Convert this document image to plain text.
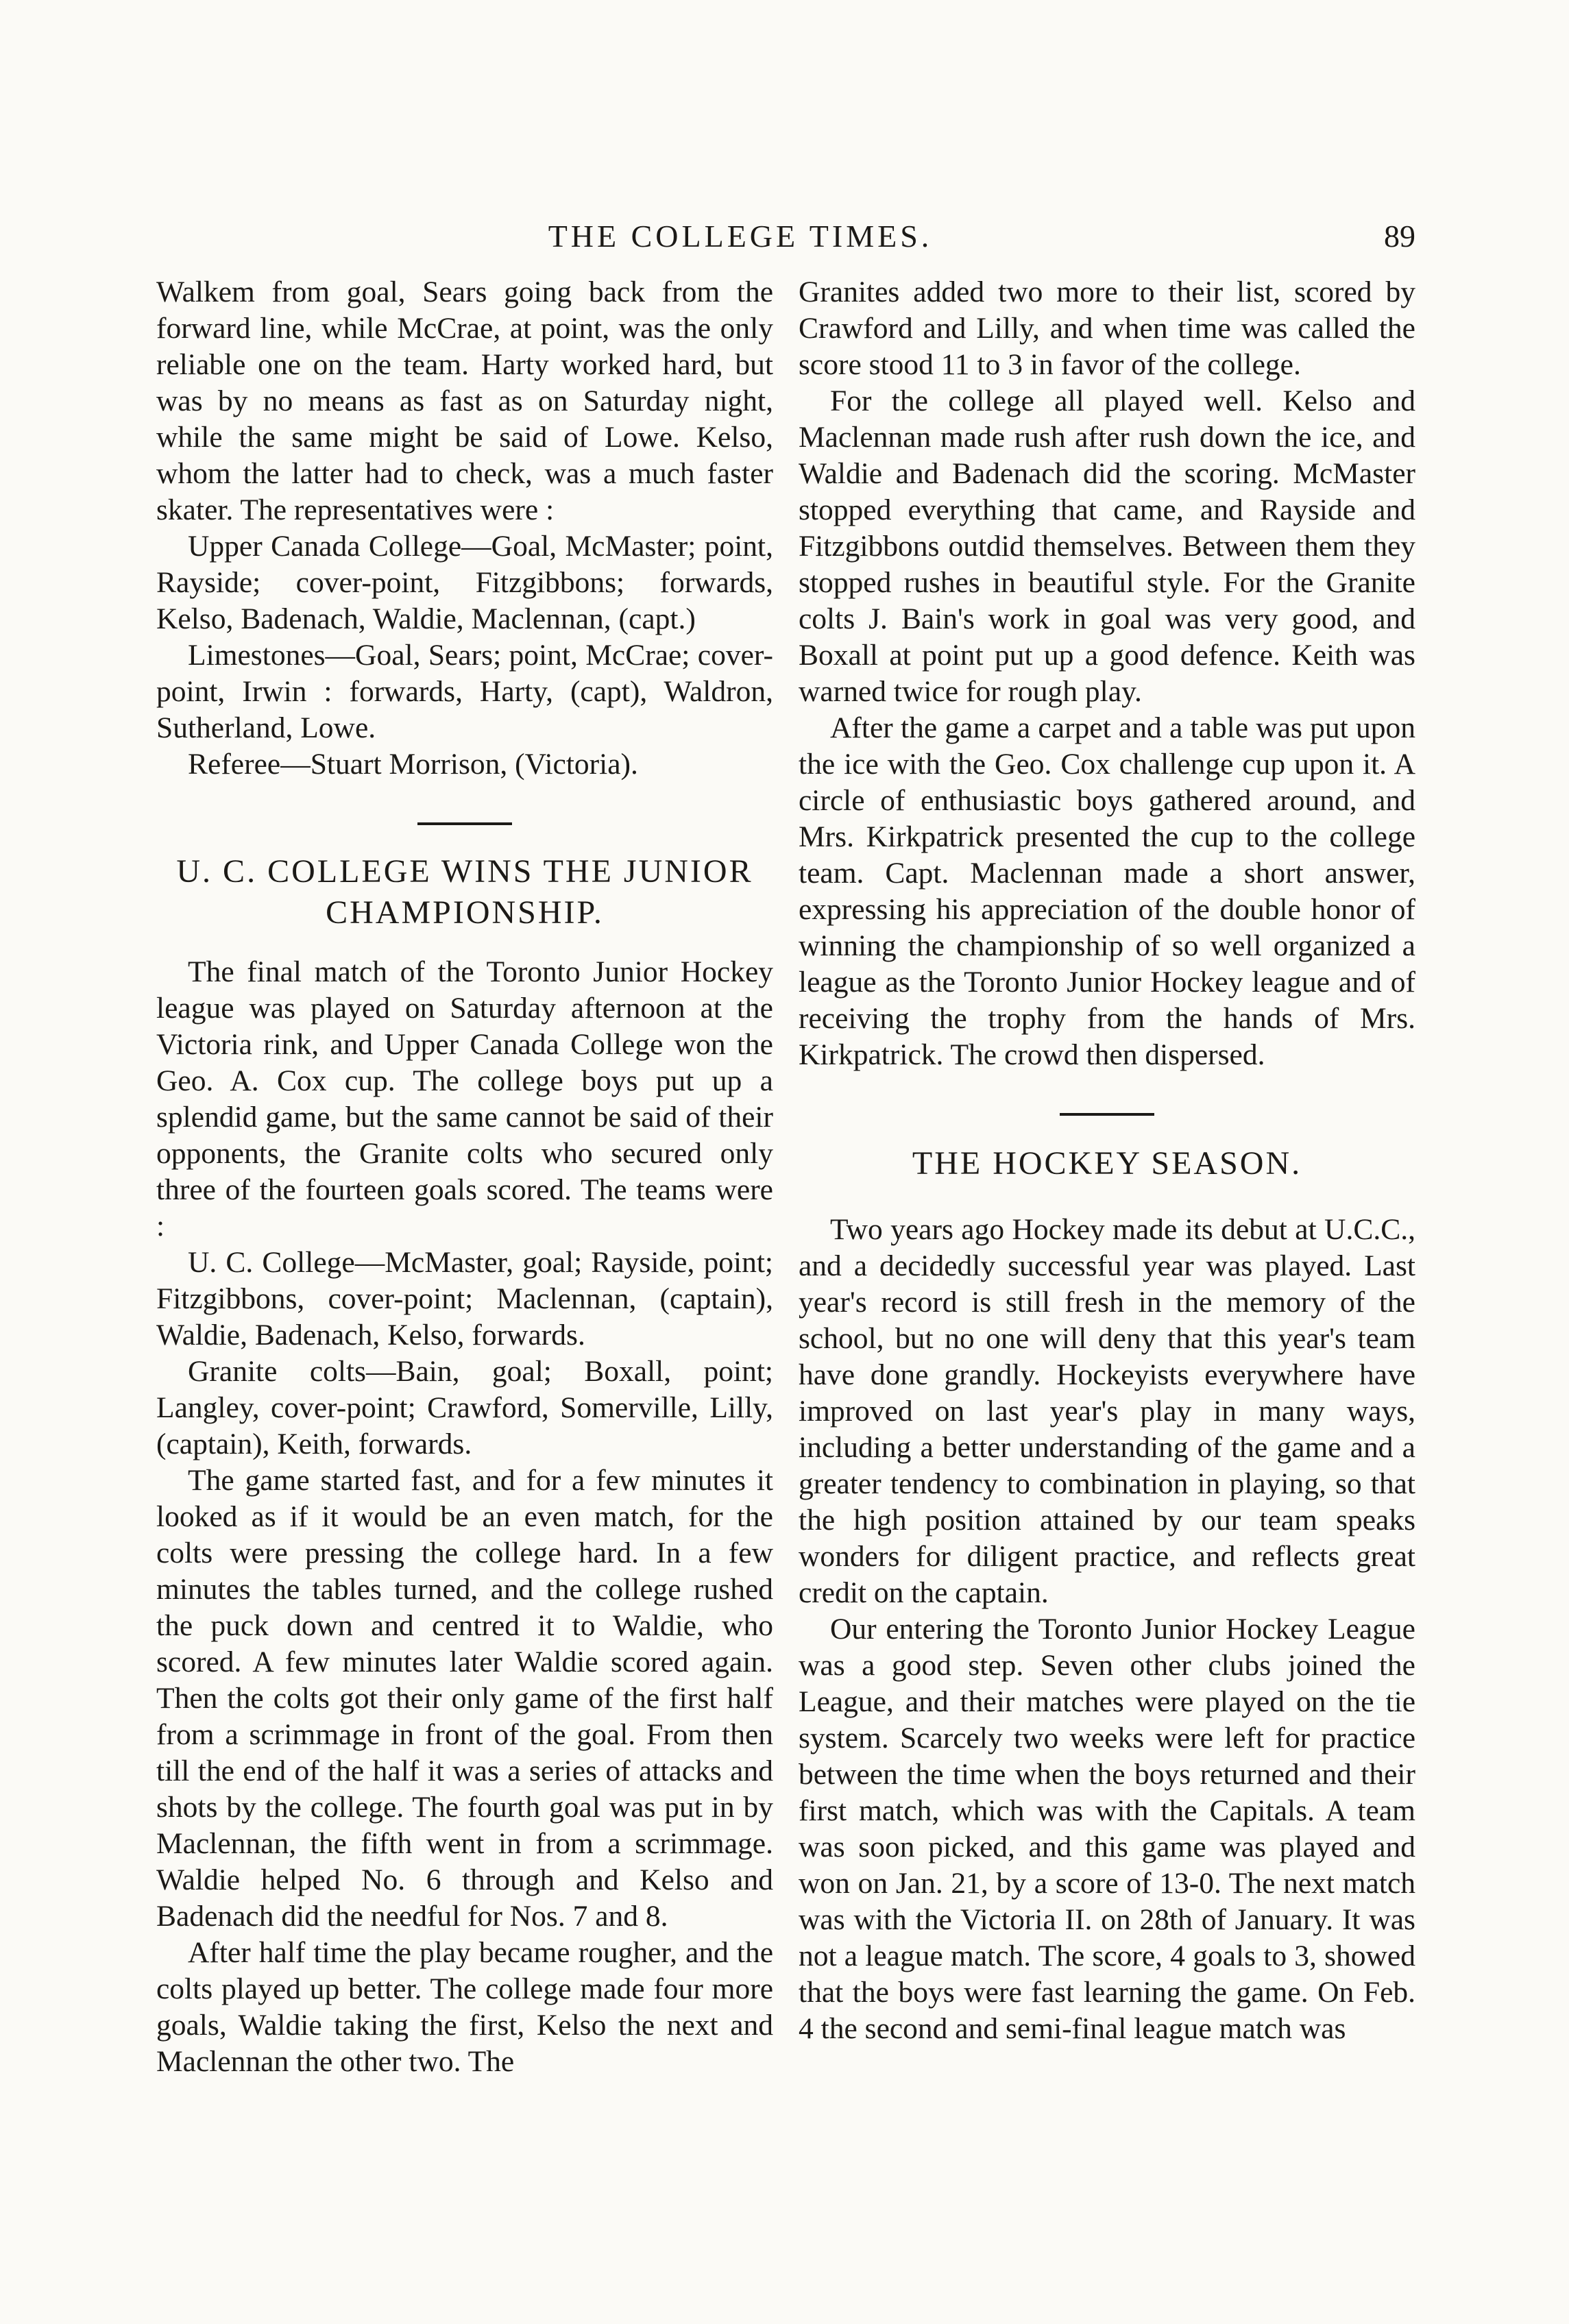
THE COLLEGE TIMES.	89

Walkem from goal, Sears going back from the forward line, while McCrae, at point, was the only reliable one on the team. Harty worked hard, but was by no means as fast as on Saturday night, while the same might be said of Lowe. Kelso, whom the latter had to check, was a much faster skater. The representatives were :

Upper Canada College—Goal, McMaster; point, Rayside; cover-point, Fitzgibbons; forwards, Kelso, Badenach, Waldie, Maclennan, (capt.)

Limestones—Goal, Sears; point, McCrae; cover-point, Irwin : forwards, Harty, (capt), Waldron, Sutherland, Lowe.

Referee—Stuart Morrison, (Victoria).

U. C. COLLEGE WINS THE JUNIOR
CHAMPIONSHIP.

The final match of the Toronto Junior Hockey league was played on Saturday afternoon at the Victoria rink, and Upper Canada College won the Geo. A. Cox cup. The college boys put up a splendid game, but the same cannot be said of their opponents, the Granite colts who secured only three of the fourteen goals scored. The teams were :

U. C. College—McMaster, goal; Rayside, point; Fitzgibbons, cover-point; Maclennan, (captain), Waldie, Badenach, Kelso, forwards.

Granite colts—Bain, goal; Boxall, point; Langley, cover-point; Crawford, Somerville, Lilly, (captain), Keith, forwards.

The game started fast, and for a few minutes it looked as if it would be an even match, for the colts were pressing the college hard. In a few minutes the tables turned, and the college rushed the puck down and centred it to Waldie, who scored. A few minutes later Waldie scored again. Then the colts got their only game of the first half from a scrimmage in front of the goal. From then till the end of the half it was a series of attacks and shots by the college. The fourth goal was put in by Maclennan, the fifth went in from a scrimmage. Waldie helped No. 6 through and Kelso and Badenach did the needful for Nos. 7 and 8.

After half time the play became rougher, and the colts played up better. The college made four more goals, Waldie taking the first, Kelso the next and Maclennan the other two. The

Granites added two more to their list, scored by Crawford and Lilly, and when time was called the score stood 11 to 3 in favor of the college.

For the college all played well. Kelso and Maclennan made rush after rush down the ice, and Waldie and Badenach did the scoring. McMaster stopped everything that came, and Rayside and Fitzgibbons outdid themselves. Between them they stopped rushes in beautiful style. For the Granite colts J. Bain's work in goal was very good, and Boxall at point put up a good defence. Keith was warned twice for rough play.

After the game a carpet and a table was put upon the ice with the Geo. Cox challenge cup upon it. A circle of enthusiastic boys gathered around, and Mrs. Kirkpatrick presented the cup to the college team. Capt. Maclennan made a short answer, expressing his appreciation of the double honor of winning the championship of so well organized a league as the Toronto Junior Hockey league and of receiving the trophy from the hands of Mrs. Kirkpatrick. The crowd then dispersed.

THE HOCKEY SEASON.

Two years ago Hockey made its debut at U.C.C., and a decidedly successful year was played. Last year's record is still fresh in the memory of the school, but no one will deny that this year's team have done grandly. Hockeyists everywhere have improved on last year's play in many ways, including a better understanding of the game and a greater tendency to combination in playing, so that the high position attained by our team speaks wonders for diligent practice, and reflects great credit on the captain.

Our entering the Toronto Junior Hockey League was a good step. Seven other clubs joined the League, and their matches were played on the tie system. Scarcely two weeks were left for practice between the time when the boys returned and their first match, which was with the Capitals. A team was soon picked, and this game was played and won on Jan. 21, by a score of 13-0. The next match was with the Victoria II. on 28th of January. It was not a league match. The score, 4 goals to 3, showed that the boys were fast learning the game. On Feb. 4 the second and semi-final league match was
